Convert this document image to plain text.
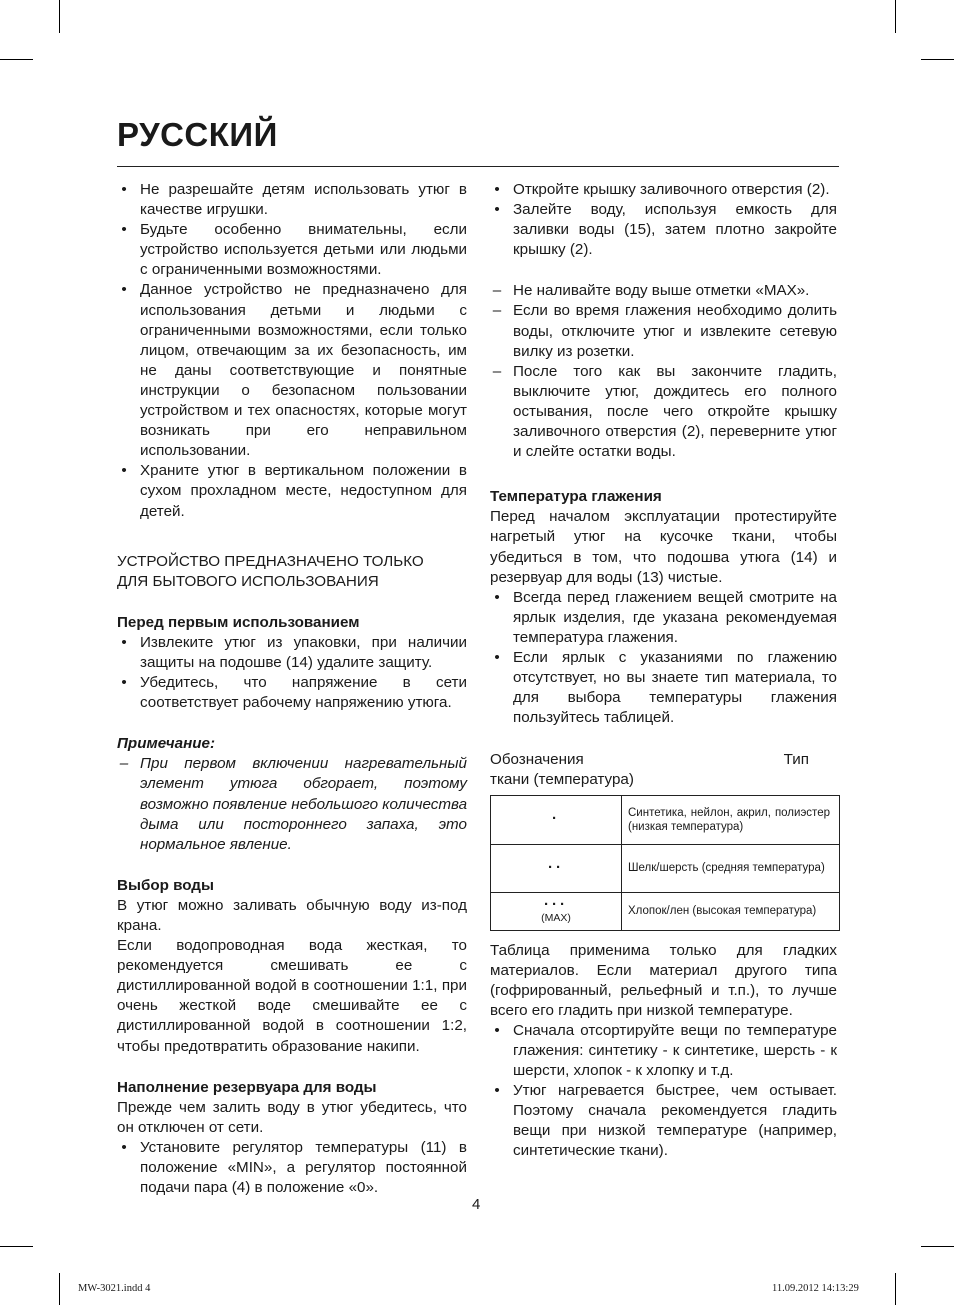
РУССКИЙ
• Не разрешайте детям использовать утюг в качестве игрушки.
• Будьте особенно внимательны, если устройство используется детьми или людьми с ограниченными возможностями.
• Данное устройство не предназначено для использования детьми и людьми с ограниченными возможностями, если только лицом, отвечающим за их безопасность, им не даны соответствующие и понятные инструкции о безопасном пользовании устройством и тех опасностях, которые могут возникать при его неправильном использовании.
• Храните утюг в вертикальном положении в сухом прохладном месте, недоступном для детей.

УСТРОЙСТВО ПРЕДНАЗНАЧЕНО ТОЛЬКО

ДЛЯ БЫТОВОГО ИСПОЛЬЗОВАНИЯ

Перед первым использованием

• Извлеките утюг из упаковки, при наличии защиты на подошве (14) удалите защиту.
• Убедитесь, что напряжение в сети соответствует рабочему напряжению утюга.

Примечание:

– При первом включении нагревательный элемент утюга обгорает, поэтому возможно появление небольшого количества дыма или постороннего запаха, это нормальное явление.

Выбор воды

В утюг можно заливать обычную воду из-под крана.

Если водопроводная вода жесткая, то рекомендуется смешивать ее с дистиллированной водой в соотношении 1:1, при очень жесткой воде смешивайте ее с дистиллированной водой в соотношении 1:2, чтобы предотвратить образование накипи.

Наполнение резервуара для воды

Прежде чем залить воду в утюг убедитесь, что он отключен от сети.

• Установите регулятор температуры (11) в положение «MIN», а регулятор постоянной подачи пара (4) в положение «0».
• Откройте крышку заливочного отверстия (2).
• Залейте воду, используя емкость для заливки воды (15), затем плотно закройте крышку (2).
– Не наливайте воду выше отметки «MAX».
– Если во время глажения необходимо долить воды, отключите утюг и извлеките сетевую вилку из розетки.
– После того как вы закончите гладить, выключите утюг, дождитесь его полного остывания, после чего откройте крышку заливочного отверстия (2), переверните утюг и слейте остатки воды.

Температура глажения

Перед началом эксплуатации протестируйте нагретый утюг на кусочке ткани, чтобы убедиться в том, что подошва утюга (14) и резервуар для воды (13) чистые.

• Всегда перед глажением вещей смотрите на ярлык изделия, где указана рекомендуемая температура глажения.
• Если ярлык с указаниями по глажению отсутствует, но вы знаете тип материала, то для выбора температуры глажения пользуйтесь таблицей.
Обозначения	Тип

ткани (температура)

·	Синтетика, нейлон, акрил, полиэстер (низкая температура)

··	Шелк/шерсть (средняя температура)

···
(MAX)	Хлопок/лен (высокая температура)

Таблица применима только для гладких материалов. Если материал другого типа (гофрированный, рельефный и т.п.), то лучше всего его гладить при низкой температуре.

• Сначала отсортируйте вещи по температуре глажения: синтетику - к синтетике, шерсть - к шерсти, хлопок - к хлопку и т.д.
• Утюг нагревается быстрее, чем остывает. Поэтому сначала рекомендуется гладить вещи при низкой температуре (например, синтетические ткани).
4
MW-3021.indd 4	11.09.2012 14:13:29
